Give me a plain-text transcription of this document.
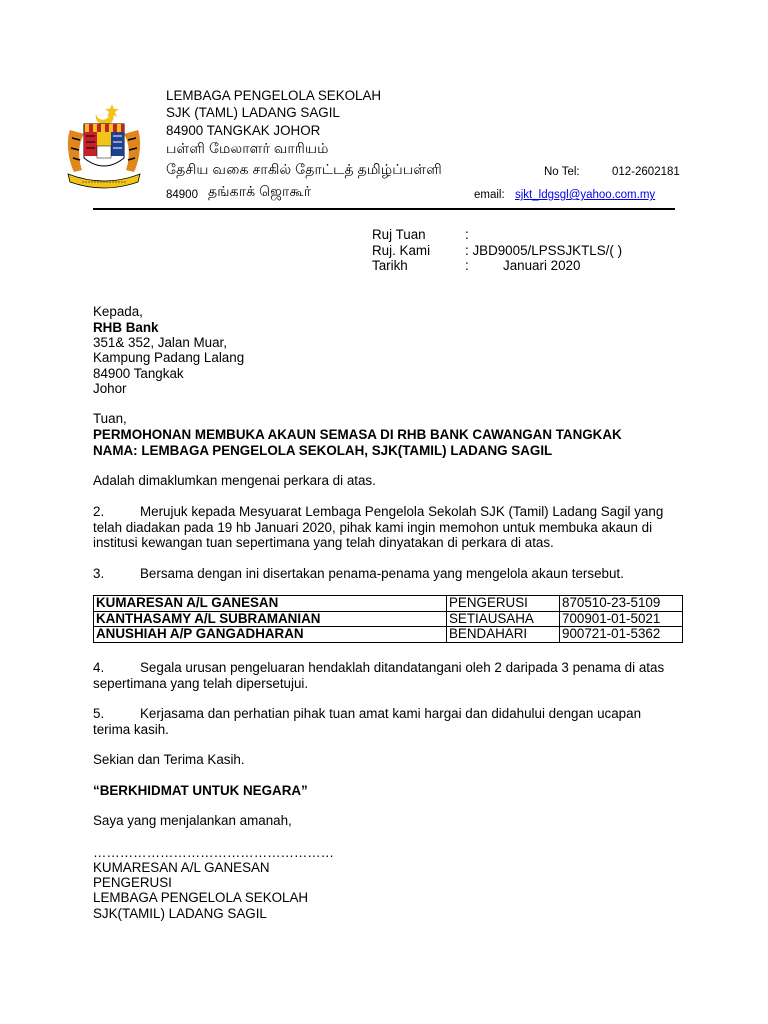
LEMBAGA PENGELOLA SEKOLAH
SJK (TAML) LADANG SAGIL
84900 TANGKAK JOHOR
பள்ளி மேலாளர் வாரியம்
தேசிய வகை சாகில் தோட்டத் தமிழ்ப்பள்ளி	No Tel:	012-2602181
84900 தங்காக் ஜொகூர்	email: sjkt_ldgsgl@yahoo.com.my
Ruj Tuan	:
Ruj. Kami	: JBD9005/LPSSJKTLS/( )
Tarikh	:	Januari 2020
Kepada,
RHB Bank
351& 352, Jalan Muar,
Kampung Padang Lalang
84900 Tangkak
Johor
Tuan,
PERMOHONAN MEMBUKA AKAUN SEMASA DI RHB BANK CAWANGAN TANGKAK
NAMA: LEMBAGA PENGELOLA SEKOLAH, SJK(TAMIL) LADANG SAGIL
Adalah dimaklumkan mengenai perkara di atas.
2.	Merujuk kepada Mesyuarat Lembaga Pengelola Sekolah SJK (Tamil) Ladang Sagil yang telah diadakan pada 19 hb Januari 2020, pihak kami ingin memohon untuk membuka akaun di institusi kewangan tuan sepertimana yang telah dinyatakan di perkara di atas.
3.	Bersama dengan ini disertakan penama-penama yang mengelola akaun tersebut.
KUMARESAN A/L GANESAN	PENGERUSI	870510-23-5109
KANTHASAMY A/L SUBRAMANIAN	SETIAUSAHA	700901-01-5021
ANUSHIAH A/P GANGADHARAN	BENDAHARI	900721-01-5362
4.	Segala urusan pengeluaran hendaklah ditandatangani oleh 2 daripada 3 penama di atas sepertimana yang telah dipersetujui.
5.	Kerjasama dan perhatian pihak tuan amat kami hargai dan didahului dengan ucapan terima kasih.
Sekian dan Terima Kasih.
“BERKHIDMAT UNTUK NEGARA”
Saya yang menjalankan amanah,
………………………………………………
KUMARESAN A/L GANESAN
PENGERUSI
LEMBAGA PENGELOLA SEKOLAH
SJK(TAMIL) LADANG SAGIL
